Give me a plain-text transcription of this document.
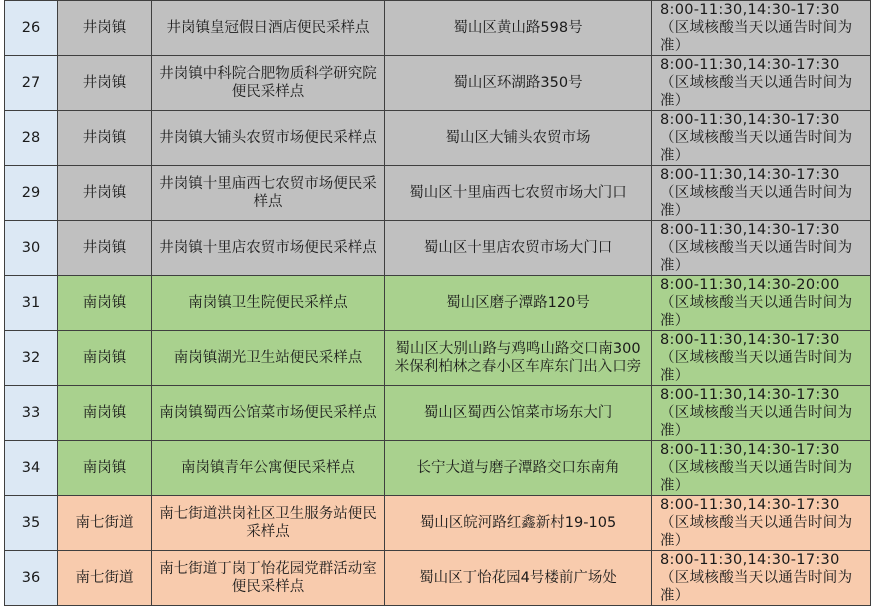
26	井岗镇	井岗镇皇冠假日酒店便民采样点	蜀山区黄山路598号	8:00-11:30,14:30-17:30（区域核酸当天以通告时间为准）
27	井岗镇	井岗镇中科院合肥物质科学研究院便民采样点	蜀山区环湖路350号	8:00-11:30,14:30-17:30（区域核酸当天以通告时间为准）
28	井岗镇	井岗镇大铺头农贸市场便民采样点	蜀山区大铺头农贸市场	8:00-11:30,14:30-17:30（区域核酸当天以通告时间为准）
29	井岗镇	井岗镇十里庙西七农贸市场便民采样点	蜀山区十里庙西七农贸市场大门口	8:00-11:30,14:30-17:30（区域核酸当天以通告时间为准）
30	井岗镇	井岗镇十里店农贸市场便民采样点	蜀山区十里店农贸市场大门口	8:00-11:30,14:30-17:30（区域核酸当天以通告时间为准）
31	南岗镇	南岗镇卫生院便民采样点	蜀山区磨子潭路120号	8:00-11:30,14:30-20:00（区域核酸当天以通告时间为准）
32	南岗镇	南岗镇湖光卫生站便民采样点	蜀山区大别山路与鸡鸣山路交口南300米保利柏林之春小区车库东门出入口旁	8:00-11:30,14:30-17:30（区域核酸当天以通告时间为准）
33	南岗镇	南岗镇蜀西公馆菜市场便民采样点	蜀山区蜀西公馆菜市场东大门	8:00-11:30,14:30-17:30（区域核酸当天以通告时间为准）
34	南岗镇	南岗镇青年公寓便民采样点	长宁大道与磨子潭路交口东南角	8:00-11:30,14:30-17:30（区域核酸当天以通告时间为准）
35	南七街道	南七街道洪岗社区卫生服务站便民采样点	蜀山区皖河路红鑫新村19-105	8:00-11:30,14:30-17:30（区域核酸当天以通告时间为准）
36	南七街道	南七街道丁岗丁怡花园党群活动室便民采样点	蜀山区丁怡花园4号楼前广场处	8:00-11:30,14:30-17:30（区域核酸当天以通告时间为准）
